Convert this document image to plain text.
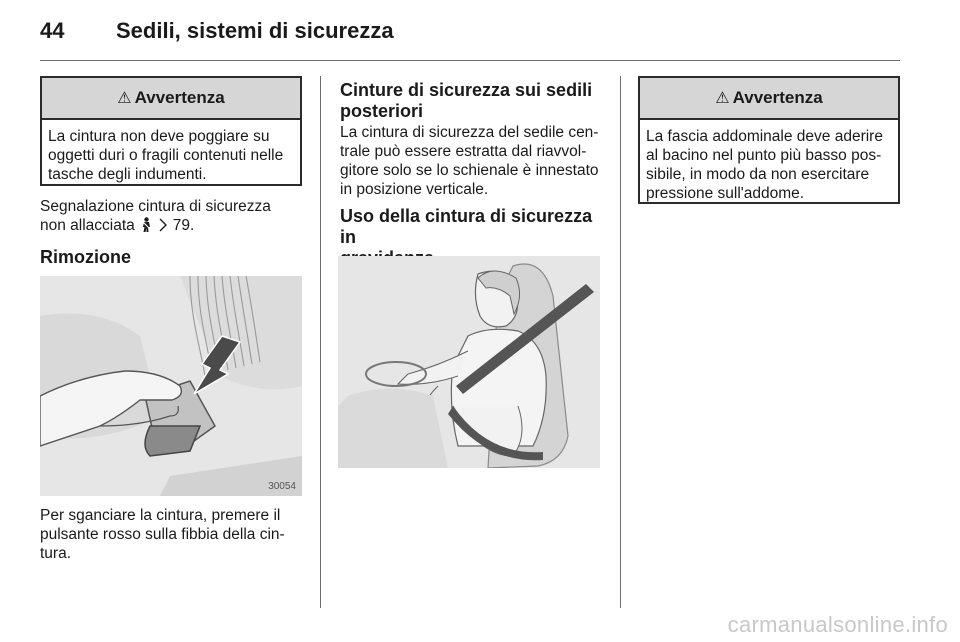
44 Sedili, sistemi di sicurezza
⚠ Avvertenza
La cintura non deve poggiare su
oggetti duri o fragili contenuti nelle
tasche degli indumenti.
Segnalazione cintura di sicurezza
non allacciata 79.
Rimozione
30054
Per sganciare la cintura, premere il
pulsante rosso sulla fibbia della cin-
tura.
Cinture di sicurezza sui sedili
posteriori
La cintura di sicurezza del sedile cen-
trale può essere estratta dal riavvol-
gitore solo se lo schienale è innestato
in posizione verticale.
Uso della cintura di sicurezza in
⚠ Avvertenza
La fascia addominale deve aderire
al bacino nel punto più basso pos-
sibile, in modo da non esercitare
pressione sull'addome.
carmanualsonline.info
